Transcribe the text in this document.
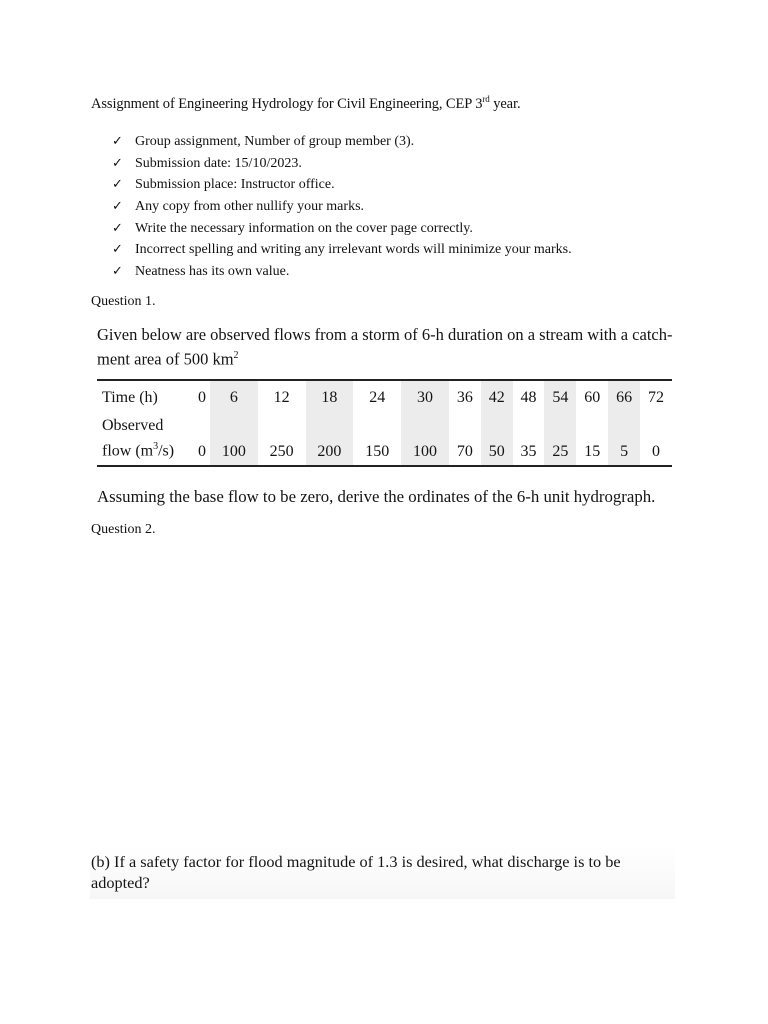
Assignment of Engineering Hydrology for Civil Engineering, CEP 3rd year.
✓ Group assignment, Number of group member (3).
✓ Submission date: 15/10/2023.
✓ Submission place: Instructor office.
✓ Any copy from other nullify your marks.
✓ Write the necessary information on the cover page correctly.
✓ Incorrect spelling and writing any irrelevant words will minimize your marks.
✓ Neatness has its own value.
Question 1.
Given below are observed flows from a storm of 6-h duration on a stream with a catch-ment area of 500 $km^2$
Time (h)	0	6	12	18	24	30	36	42	48	54	60	66	72
Observed
flow $(m^3/s)$	0	100	250	200	150	100	70	50	35	25	15	5	0
Assuming the base flow to be zero, derive the ordinates of the 6-h unit hydrograph.
Question 2.
(b) If a safety factor for flood magnitude of 1.3 is desired, what discharge is to be adopted?
